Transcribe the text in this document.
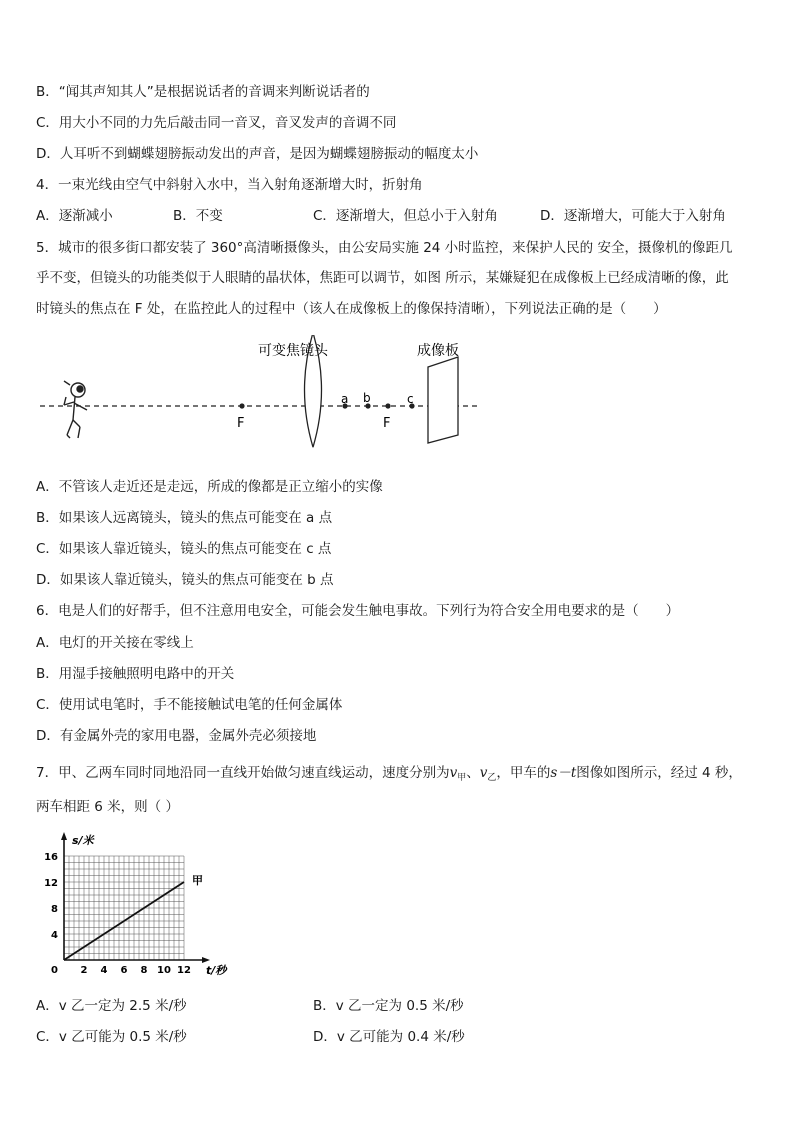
B．“闻其声知其人”是根据说话者的音调来判断说话者的
C．用大小不同的力先后敲击同一音叉，音叉发声的音调不同
D．人耳听不到蝴蝶翅膀振动发出的声音，是因为蝴蝶翅膀振动的幅度太小
4．一束光线由空气中斜射入水中，当入射角逐渐增大时，折射角
A．逐渐减小	B．不变	C．逐渐增大，但总小于入射角	D．逐渐增大，可能大于入射角
5．城市的很多街口都安装了 360°高清晰摄像头，由公安局实施 24 小时监控，来保护人民的 安全，摄像机的像距几
乎不变，但镜头的功能类似于人眼睛的晶状体，焦距可以调节，如图 所示，某嫌疑犯在成像板上已经成清晰的像，此
时镜头的焦点在 F 处，在监控此人的过程中（该人在成像板上的像保持清晰），下列说法正确的是（　　）
F
可变焦镜头
a b
F
c
成像板
A．不管该人走近还是走远，所成的像都是正立缩小的实像
B．如果该人远离镜头，镜头的焦点可能变在 a 点
C．如果该人靠近镜头，镜头的焦点可能变在 c 点
D．如果该人靠近镜头，镜头的焦点可能变在 b 点
6．电是人们的好帮手，但不注意用电安全，可能会发生触电事故。下列行为符合安全用电要求的是（　　）
A．电灯的开关接在零线上
B．用湿手接触照明电路中的开关
C．使用试电笔时，手不能接触试电笔的任何金属体
D．有金属外壳的家用电器，金属外壳必须接地
7．甲、乙两车同时同地沿同一直线开始做匀速直线运动，速度分别为$v_甲$、$v_乙$，甲车的s－t图像如图所示，经过 4 秒，
两车相距 6 米，则（ ）
s/米
t/秒
0 2 4 6 8 10 12
4
8
12
16
甲
A．v 乙一定为 2.5 米/秒	B．v 乙一定为 0.5 米/秒
C．v 乙可能为 0.5 米/秒	D．v 乙可能为 0.4 米/秒
